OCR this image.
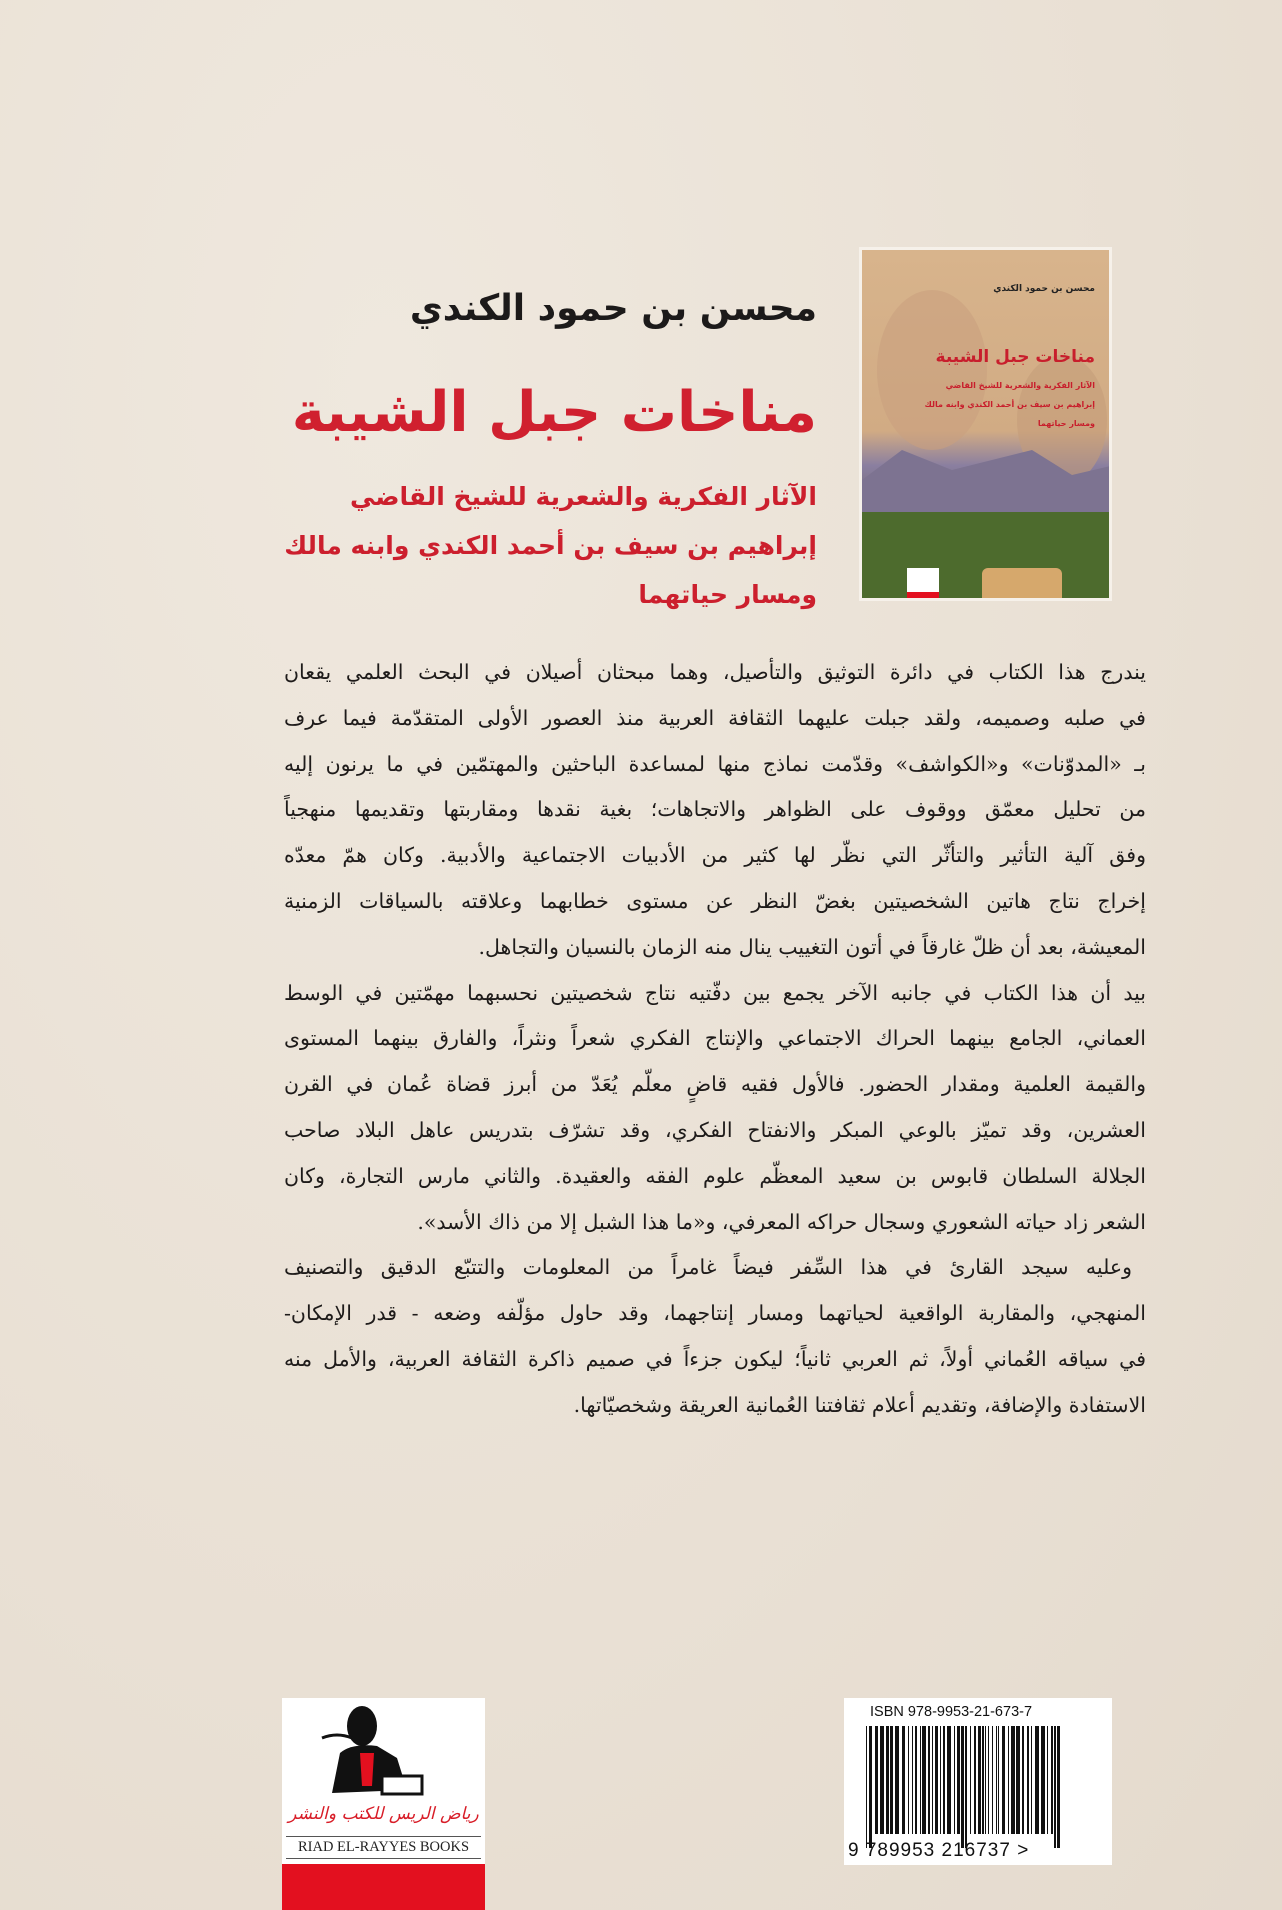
محسن بن حمود الكندي
مناخات جبل الشيبة
الآثار الفكرية والشعرية للشيخ القاضي
إبراهيم بن سيف بن أحمد الكندي وابنه مالك
ومسار حياتهما
محسن بن حمود الكندي
مناخات جبل الشيبة
الآثار الفكرية والشعرية للشيخ القاضي
إبراهيم بن سيف بن أحمد الكندي وابنه مالك
ومسار حياتهما
يندرج هذا الكتاب في دائرة التوثيق والتأصيل، وهما مبحثان أصيلان في البحث العلمي يقعان
في صلبه وصميمه، ولقد جبلت عليهما الثقافة العربية منذ العصور الأولى المتقدّمة فيما عرف
بـ «المدوّنات» و«الكواشف» وقدّمت نماذج منها لمساعدة الباحثين والمهتمّين في ما يرنون إليه
من تحليل معمّق ووقوف على الظواهر والاتجاهات؛ بغية نقدها ومقاربتها وتقديمها منهجياً
وفق آلية التأثير والتأثّر التي نظّر لها كثير من الأدبيات الاجتماعية والأدبية. وكان همّ معدّه
إخراج نتاج هاتين الشخصيتين بغضّ النظر عن مستوى خطابهما وعلاقته بالسياقات الزمنية
المعيشة، بعد أن ظلّ غارقاً في أتون التغييب ينال منه الزمان بالنسيان والتجاهل.
بيد أن هذا الكتاب في جانبه الآخر يجمع بين دفّتيه نتاج شخصيتين نحسبهما مهمّتين في الوسط
العماني، الجامع بينهما الحراك الاجتماعي والإنتاج الفكري شعراً ونثراً، والفارق بينهما المستوى
والقيمة العلمية ومقدار الحضور. فالأول فقيه قاضٍ معلّم يُعَدّ من أبرز قضاة عُمان في القرن
العشرين، وقد تميّز بالوعي المبكر والانفتاح الفكري، وقد تشرّف بتدريس عاهل البلاد صاحب
الجلالة السلطان قابوس بن سعيد المعظّم علوم الفقه والعقيدة. والثاني مارس التجارة، وكان
الشعر زاد حياته الشعوري وسجال حراكه المعرفي، و«ما هذا الشبل إلا من ذاك الأسد».
وعليه سيجد القارئ في هذا السِّفر فيضاً غامراً من المعلومات والتتبّع الدقيق والتصنيف
المنهجي، والمقاربة الواقعية لحياتهما ومسار إنتاجهما، وقد حاول مؤلّفه وضعه - قدر الإمكان-
في سياقه العُماني أولاً، ثم العربي ثانياً؛ ليكون جزءاً في صميم ذاكرة الثقافة العربية، والأمل منه
الاستفادة والإضافة، وتقديم أعلام ثقافتنا العُمانية العريقة وشخصيّاتها.
رياض الريس للكتب والنشر
RIAD EL-RAYYES BOOKS
ISBN 978-9953-21-673-7
9 789953 216737 >
